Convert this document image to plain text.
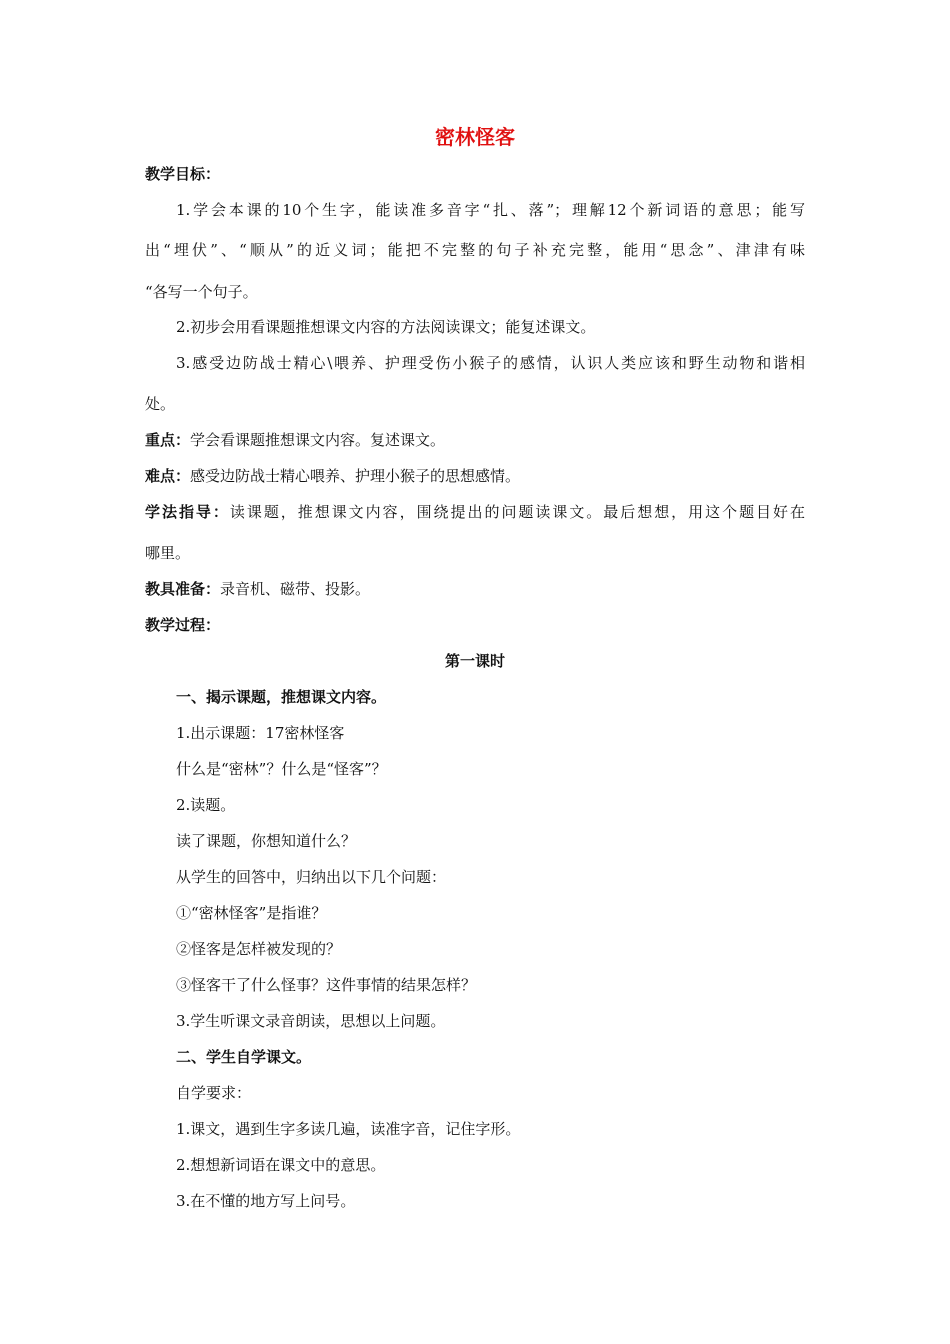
密林怪客
教学目标：
1.学会本课的10个生字，能读准多音字“扎、落”；理解12个新词语的意思；能写
出“埋伏”、“顺从”的近义词；能把不完整的句子补充完整，能用“思念”、津津有味
“各写一个句子。
2.初步会用看课题推想课文内容的方法阅读课文；能复述课文。
3.感受边防战士精心\喂养、护理受伤小猴子的感情，认识人类应该和野生动物和谐相
处。
重点：学会看课题推想课文内容。复述课文。
难点：感受边防战士精心喂养、护理小猴子的思想感情。
学法指导：读课题，推想课文内容，围绕提出的问题读课文。最后想想，用这个题目好在
哪里。
教具准备：录音机、磁带、投影。
教学过程：
第一课时
一、揭示课题，推想课文内容。
1.出示课题：17密林怪客
什么是“密林”？什么是“怪客”？
2.读题。
读了课题，你想知道什么？
从学生的回答中，归纳出以下几个问题：
①“密林怪客”是指谁？
②怪客是怎样被发现的？
③怪客干了什么怪事？这件事情的结果怎样？
3.学生听课文录音朗读，思想以上问题。
二、学生自学课文。
自学要求：
1.课文，遇到生字多读几遍，读准字音，记住字形。
2.想想新词语在课文中的意思。
3.在不懂的地方写上问号。
